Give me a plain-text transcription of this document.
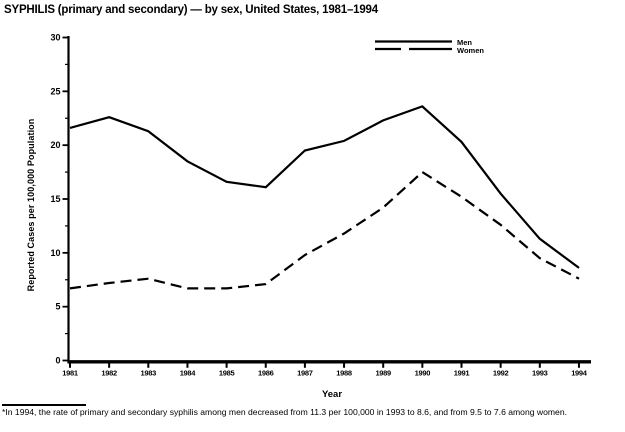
SYPHILIS (primary and secondary) — by sex, United States, 1981–1994
0
5
10
15
20
25
30
1981	1982	1983	1984	1985	1986	1987	1988	1989	1990	1991	1992	1993	1994
Men
Women
Year
Reported Cases per 100,000 Population
*In 1994, the rate of primary and secondary syphilis among men decreased from 11.3 per 100,000 in 1993 to 8.6, and from 9.5 to 7.6 among women.
